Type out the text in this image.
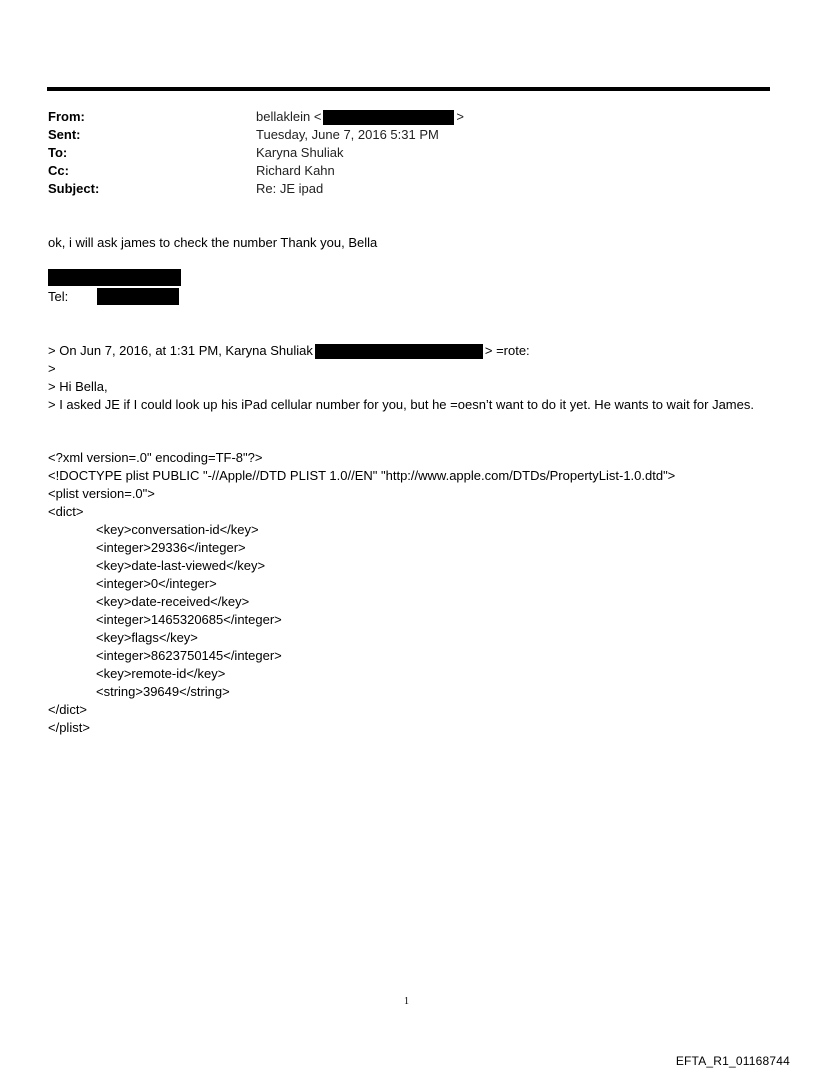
From:	bellaklein <	>
Sent:	Tuesday, June 7, 2016 5:31 PM
To:	Karyna Shuliak
Cc:	Richard Kahn
Subject:	Re: JE ipad
ok, i will ask james to check the number Thank you, Bella
Tel:
> On Jun 7, 2016, at 1:31 PM, Karyna Shuliak	> =rote:
>
> Hi Bella,
> I asked JE if I could look up his iPad cellular number for you, but he =oesn’t want to do it yet. He wants to wait for James.
<?xml version=.0" encoding=TF-8"?>
<!DOCTYPE plist PUBLIC "-//Apple//DTD PLIST 1.0//EN" "http://www.apple.com/DTDs/PropertyList-1.0.dtd">
<plist version=.0">
<dict>
<key>conversation-id</key>
<integer>29336</integer>
<key>date-last-viewed</key>
<integer>0</integer>
<key>date-received</key>
<integer>1465320685</integer>
<key>flags</key>
<integer>8623750145</integer>
<key>remote-id</key>
<string>39649</string>
</dict>
</plist>
1
EFTA_R1_01168744
